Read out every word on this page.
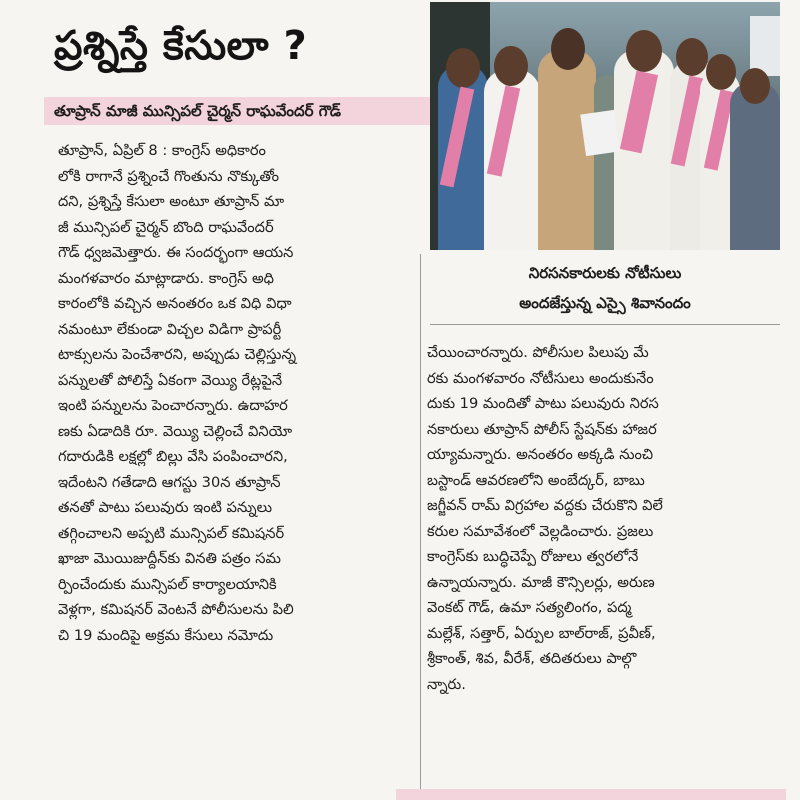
ప్రశ్నిస్తే కేసులా ?
తూప్రాన్ మాజీ మున్సిపల్ చైర్మన్ రాఘవేందర్ గౌడ్
తూప్రాన్, ఏప్రిల్ 8 : కాంగ్రెస్ అధికారం
లోకి రాగానే ప్రశ్నించే గొంతును నొక్కుతోం
దని, ప్రశ్నిస్తే కేసులా అంటూ తూప్రాన్ మా
జీ మున్సిపల్ చైర్మన్ బొంది రాఘవేందర్
గౌడ్ ధ్వజమెత్తారు. ఈ సందర్భంగా ఆయన
మంగళవారం మాట్లాడారు. కాంగ్రెస్ అధి
కారంలోకి వచ్చిన అనంతరం ఒక విధి విధా
నమంటూ లేకుండా విచ్చల విడిగా ప్రాపర్టీ
టాక్సులను పెంచేశారని, అప్పుడు చెల్లిస్తున్న
పన్నులతో పోలిస్తే ఏకంగా వెయ్యి రేట్లపైనే
ఇంటి పన్నులను పెంచారన్నారు. ఉదాహర
ణకు ఏడాదికి రూ. వెయ్యి చెల్లించే వినియో
గదారుడికి లక్షల్లో బిల్లు వేసి పంపించారని,
ఇదేంటని గతేడాది ఆగస్టు 30న తూప్రాన్
తనతో పాటు పలువురు ఇంటి పన్నులు
తగ్గించాలని అప్పటి మున్సిపల్ కమిషనర్
ఖాజా మొయిజుద్దీన్‌కు వినతి పత్రం సమ
ర్పించేందుకు మున్సిపల్ కార్యాలయానికి
వెళ్లగా, కమిషనర్ వెంటనే పోలీసులను పిలి
చి 19 మందిపై అక్రమ కేసులు నమోదు
నిరసనకారులకు నోటీసులు
అందజేస్తున్న ఎస్సై శివానందం
చేయించారన్నారు. పోలీసుల పిలుపు మే
రకు మంగళవారం నోటీసులు అందుకునేం
దుకు 19 మందితో పాటు పలువురు నిరస
నకారులు తూప్రాన్ పోలీస్ స్టేషన్‌కు హాజర
య్యామన్నారు. అనంతరం అక్కడి నుంచి
బస్టాండ్ ఆవరణలోని అంబేద్కర్, బాబు
జగ్జీవన్ రామ్ విగ్రహాల వద్దకు చేరుకొని విలే
కరుల సమావేశంలో వెల్లడించారు. ప్రజలు
కాంగ్రెస్‌కు బుద్ధిచెప్పే రోజులు త్వరలోనే
ఉన్నాయన్నారు. మాజీ కౌన్సిలర్లు, అరుణ
వెంకట్ గౌడ్, ఉమా సత్యలింగం, పద్మ
మల్లేశ్, సత్తార్, ఏర్పుల బాల్‌రాజ్, ప్రవీణ్,
శ్రీకాంత్, శివ, వీరేశ్, తదితరులు పాల్గొ
న్నారు.
